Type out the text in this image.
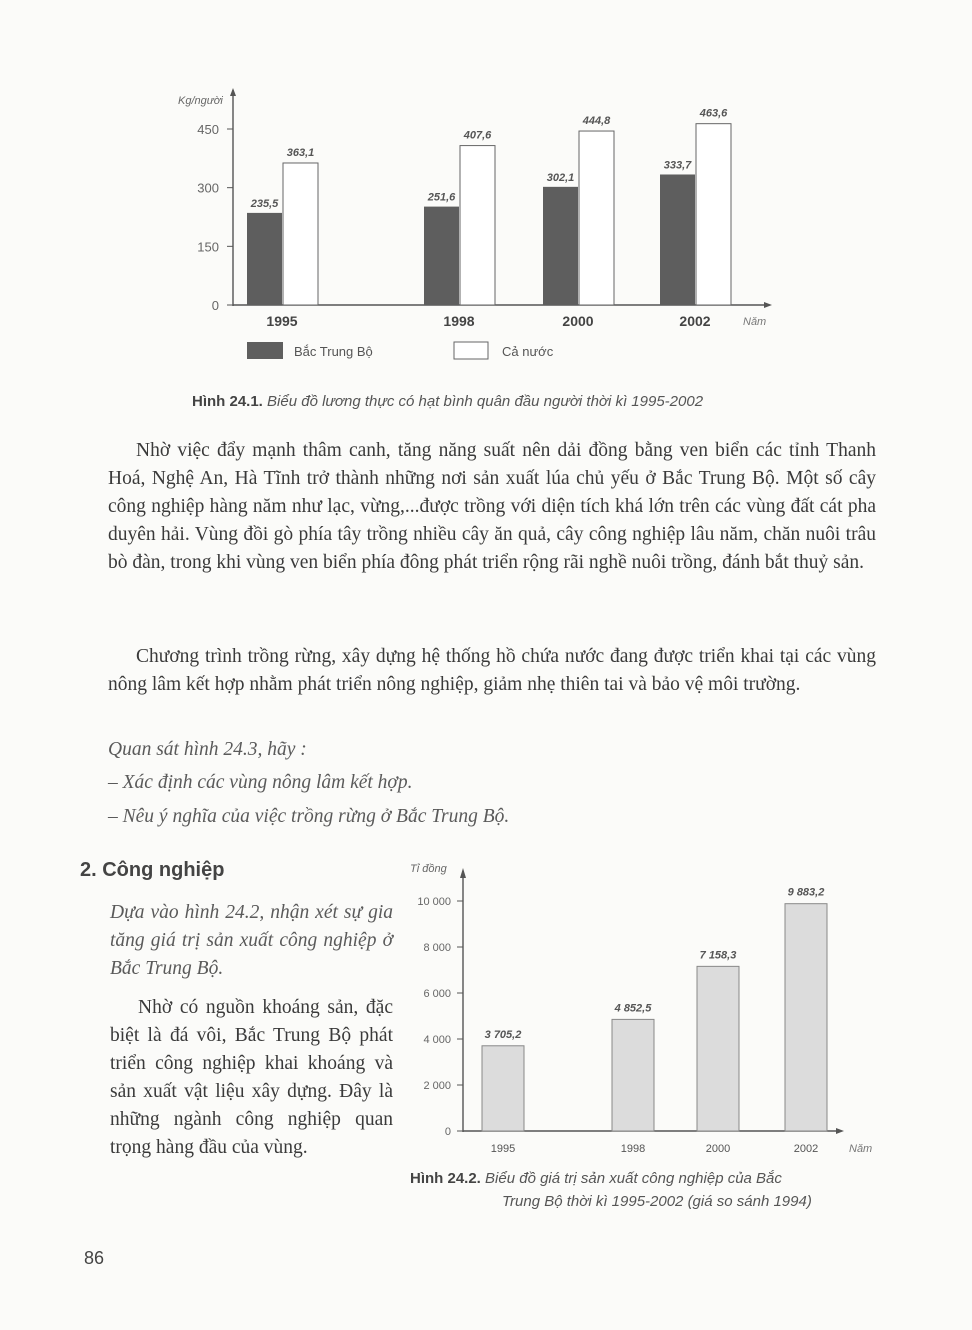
0
150
300
450
Kg/người
235,5
363,1
1995
251,6
407,6
1998
302,1
444,8
2000
333,7
463,6
2002	Năm
Bắc Trung Bộ	Cả nước
Hình 24.1. Biểu đồ lương thực có hạt bình quân đầu người thời kì 1995-2002

Nhờ việc đẩy mạnh thâm canh, tăng năng suất nên dải đồng bằng ven biển các tỉnh Thanh Hoá, Nghệ An, Hà Tĩnh trở thành những nơi sản xuất lúa chủ yếu ở Bắc Trung Bộ. Một số cây công nghiệp hàng năm như lạc, vừng,...được trồng với diện tích khá lớn trên các vùng đất cát pha duyên hải. Vùng đồi gò phía tây trồng nhiều cây ăn quả, cây công nghiệp lâu năm, chăn nuôi trâu bò đàn, trong khi vùng ven biển phía đông phát triển rộng rãi nghề nuôi trồng, đánh bắt thuỷ sản.

Chương trình trồng rừng, xây dựng hệ thống hồ chứa nước đang được triển khai tại các vùng nông lâm kết hợp nhằm phát triển nông nghiệp, giảm nhẹ thiên tai và bảo vệ môi trường.

Quan sát hình 24.3, hãy :

– Xác định các vùng nông lâm kết hợp.

– Nêu ý nghĩa của việc trồng rừng ở Bắc Trung Bộ.

2. Công nghiệp

Dựa vào hình 24.2, nhận xét sự gia tăng giá trị sản xuất công nghiệp ở Bắc Trung Bộ.

Nhờ có nguồn khoáng sản, đặc biệt là đá vôi, Bắc Trung Bộ phát triển công nghiệp khai khoáng và sản xuất vật liệu xây dựng. Đây là những ngành công nghiệp quan trọng hàng đầu của vùng.

0
2 000
4 000
6 000
8 000
10 000
Tỉ đồng
3 705,2
1995
4 852,5
1998
7 158,3
2000
9 883,2
2002	Năm
Hình 24.2. Biểu đồ giá trị sản xuất công nghiệp của Bắc
Trung Bộ thời kì 1995-2002 (giá so sánh 1994)
86
